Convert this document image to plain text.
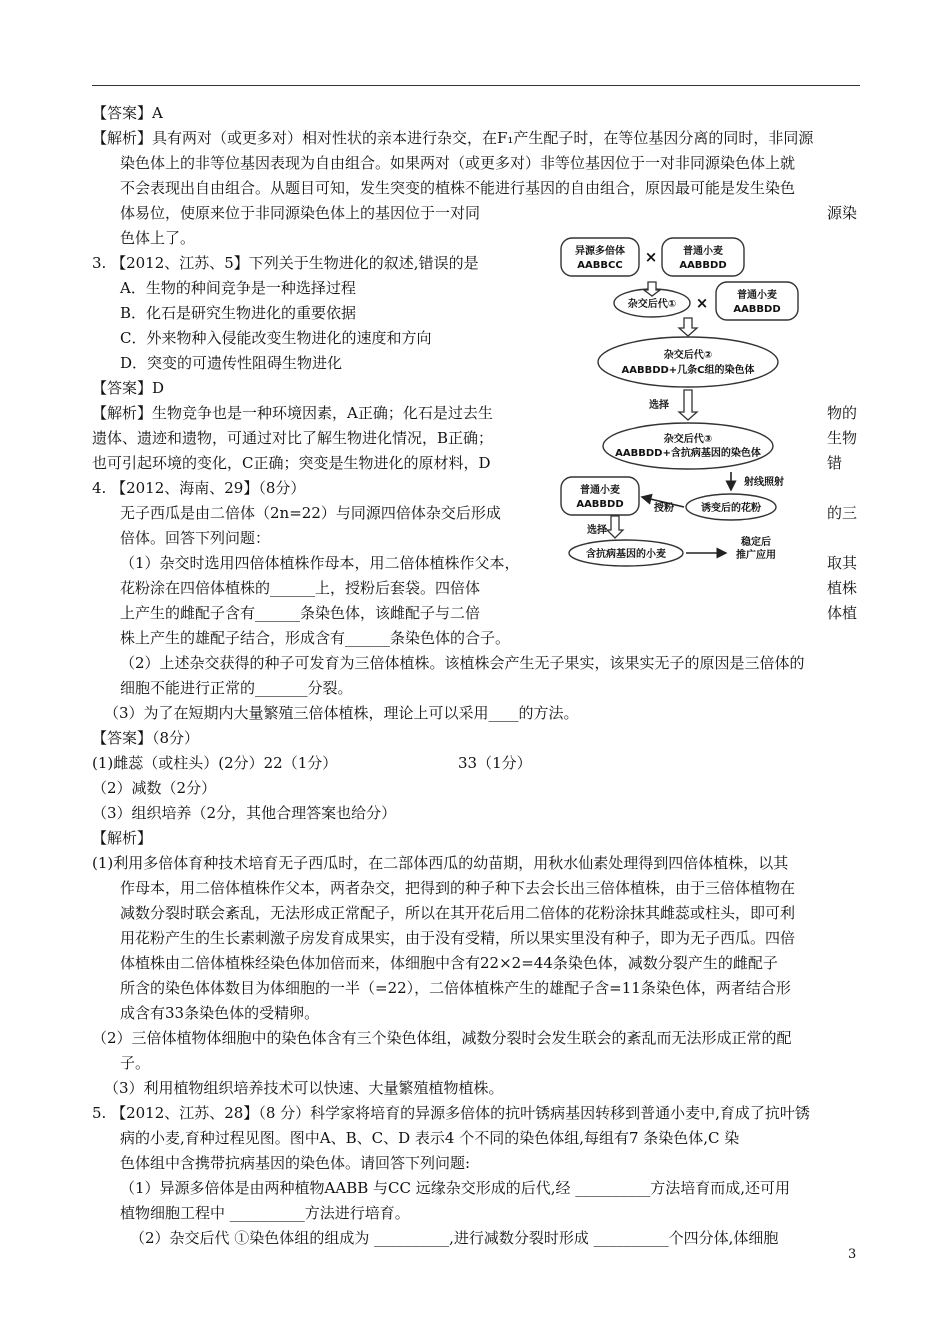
【答案】A
【解析】具有两对（或更多对）相对性状的亲本进行杂交，在F₁产生配子时，在等位基因分离的同时，非同源
染色体上的非等位基因表现为自由组合。如果两对（或更多对）非等位基因位于一对非同源染色体上就
不会表现出自由组合。从题目可知，发生突变的植株不能进行基因的自由组合，原因最可能是发生染色
体易位，使原来位于非同源染色体上的基因位于一对同	源染
色体上了。
3. 【2012、江苏、5】下列关于生物进化的叙述,错误的是
A．生物的种间竞争是一种选择过程
B．化石是研究生物进化的重要依据
C．外来物种入侵能改变生物进化的速度和方向
D．突变的可遗传性阻碍生物进化
【答案】D
【解析】生物竞争也是一种环境因素，A正确；化石是过去生	物的
遗体、遗迹和遗物，可通过对比了解生物进化情况，B正确；	生物
也可引起环境的变化，C正确；突变是生物进化的原材料，D	错
4. 【2012、海南、29】（8分）
无子西瓜是由二倍体（2n=22）与同源四倍体杂交后形成	的三
倍体。回答下列问题：
（1）杂交时选用四倍体植株作母本，用二倍体植株作父本，	取其
花粉涂在四倍体植株的______上，授粉后套袋。四倍体	植株
上产生的雌配子含有______条染色体，该雌配子与二倍	体植
株上产生的雄配子结合，形成含有______条染色体的合子。
（2）上述杂交获得的种子可发育为三倍体植株。该植株会产生无子果实，该果实无子的原因是三倍体的
细胞不能进行正常的_______分裂。
（3）为了在短期内大量繁殖三倍体植株，理论上可以采用____的方法。
【答案】（8分）
(1)雌蕊（或柱头）(2分）22（1分）	33（1分）
（2）减数（2分）
（3）组织培养（2分，其他合理答案也给分）
【解析】
(1)利用多倍体育种技术培育无子西瓜时，在二部体西瓜的幼苗期，用秋水仙素处理得到四倍体植株，以其
作母本，用二倍体植株作父本，两者杂交，把得到的种子种下去会长出三倍体植株，由于三倍体植物在
减数分裂时联会紊乱，无法形成正常配子，所以在其开花后用二倍体的花粉涂抹其雌蕊或柱头，即可利
用花粉产生的生长素刺激子房发育成果实，由于没有受精，所以果实里没有种子，即为无子西瓜。四倍
体植株由二倍体植株经染色体加倍而来，体细胞中含有22×2=44条染色体，减数分裂产生的雌配子
所含的染色体体数目为体细胞的一半（=22），二倍体植株产生的雄配子含=11条染色体，两者结合形
成含有33条染色体的受精卵。
（2）三倍体植物体细胞中的染色体含有三个染色体组，减数分裂时会发生联会的紊乱而无法形成正常的配
子。
（3）利用植物组织培养技术可以快速、大量繁殖植物植株。
5. 【2012、江苏、28】（8 分）科学家将培育的异源多倍体的抗叶锈病基因转移到普通小麦中,育成了抗叶锈
病的小麦,育种过程见图。图中A、B、C、D 表示4 个不同的染色体组,每组有7 条染色体,C 染
色体组中含携带抗病基因的染色体。请回答下列问题:
（1）异源多倍体是由两种植物AABB 与CC 远缘杂交形成的后代,经 __________方法培育而成,还可用
植物细胞工程中 __________方法进行培育。
（2）杂交后代 ①染色体组的组成为 __________,进行减数分裂时形成 __________个四分体,体细胞
异源多倍体
AABBCC
普通小麦
AABBDD
×
杂交后代① ×	普通小麦
AABBDD
杂交后代②
AABBDD+几条C组的染色体
选择
杂交后代③
AABBDD+含抗病基因的染色体
射线照射
普通小麦
AABBDD	授粉	诱变后的花粉
选择
含抗病基因的小麦
稳定后
推广应用
3
